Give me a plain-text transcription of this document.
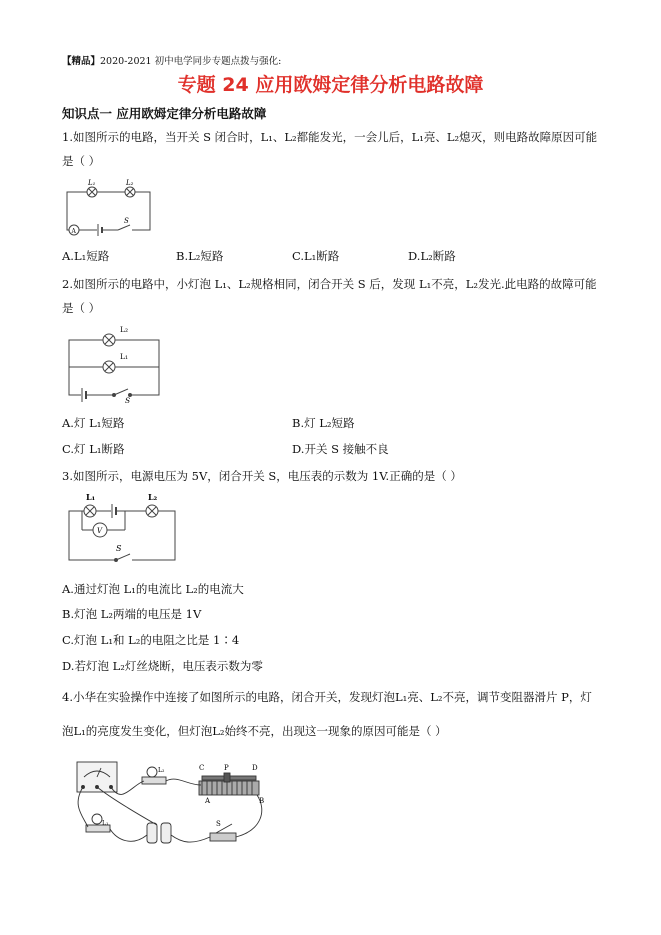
【精品】2020-2021 初中电学同步专题点拨与强化:
专题 24 应用欧姆定律分析电路故障
知识点一 应用欧姆定律分析电路故障
1.如图所示的电路，当开关 S 闭合时，L₁、L₂都能发光，一会儿后，L₁亮、L₂熄灭，则电路故障原因可能
是（ ）
L₁	L₂
A
S
A.L₁短路	B.L₂短路	C.L₁断路	D.L₂断路
2.如图所示的电路中，小灯泡 L₁、L₂规格相同，闭合开关 S 后，发现 L₁不亮，L₂发光.此电路的故障可能
是（ ）
L₂
L₁
S
A.灯 L₁短路	B.灯 L₂短路
C.灯 L₁断路	D.开关 S 接触不良
3.如图所示，电源电压为 5V，闭合开关 S，电压表的示数为 1V.正确的是（ ）
L₁	L₂
V
S
A.通过灯泡 L₁的电流比 L₂的电流大
B.灯泡 L₂两端的电压是 1V
C.灯泡 L₁和 L₂的电阻之比是 1∶4
D.若灯泡 L₂灯丝烧断，电压表示数为零
4.小华在实验操作中连接了如图所示的电路，闭合开关，发现灯泡L₁亮、L₂不亮，调节变阻器滑片 P，灯
泡L₁的亮度发生变化，但灯泡L₂始终不亮，出现这一现象的原因可能是（ ）
L₂
L₁
C	P	D
A	B
S
